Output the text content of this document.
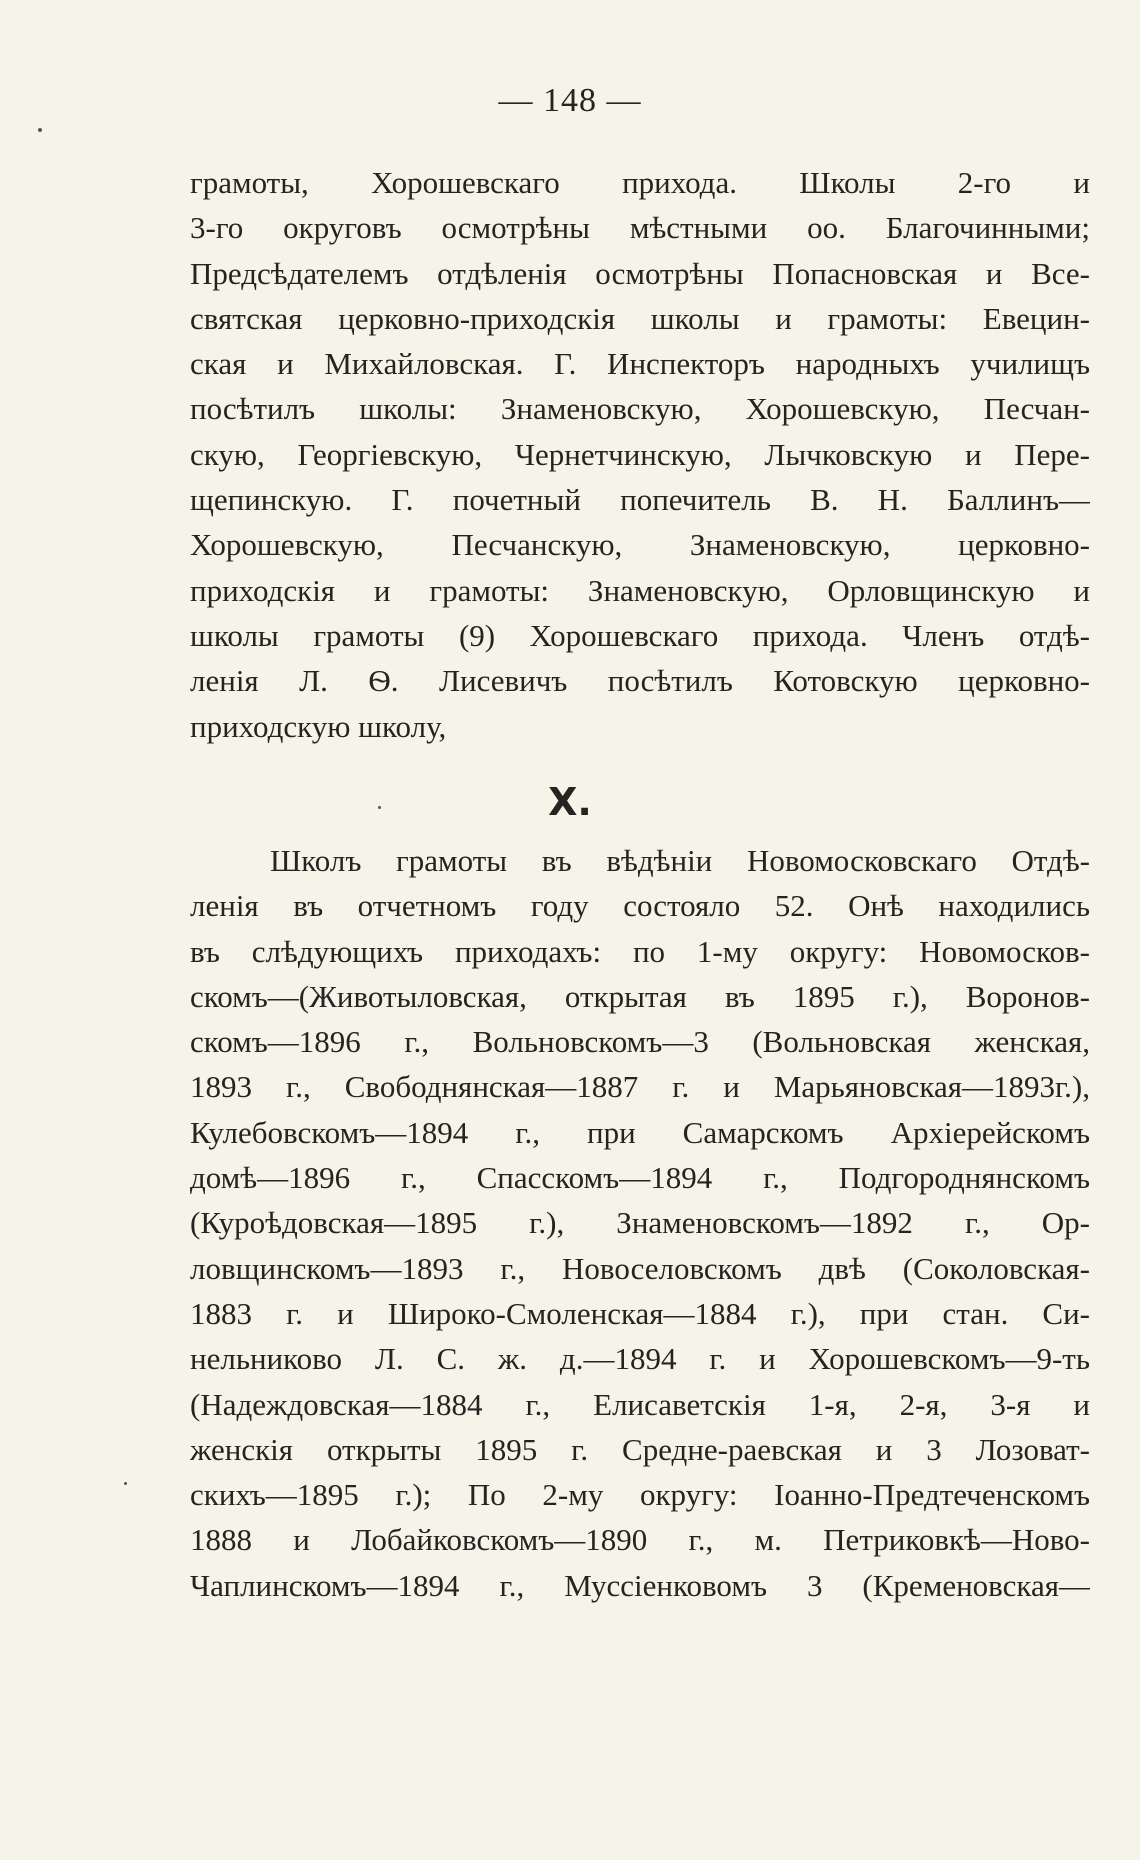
— 148 —
грамоты, Хорошевскаго прихода. Школы 2-го и
3-го округовъ осмотрѣны мѣстными оо. Благочинными;
Предсѣдателемъ отдѣленія осмотрѣны Попасновская и Все-
святская церковно-приходскія школы и грамоты: Евецин-
ская и Михайловская. Г. Инспекторъ народныхъ училищъ
посѣтилъ школы: Знаменовскую, Хорошевскую, Песчан-
скую, Георгіевскую, Чернетчинскую, Лычковскую и Пере-
щепинскую. Г. почетный попечитель В. Н. Баллинъ—
Хорошевскую, Песчанскую, Знаменовскую, церковно-
приходскія и грамоты: Знаменовскую, Орловщинскую и
школы грамоты (9) Хорошевскаго прихода. Членъ отдѣ-
ленія Л. Ѳ. Лисевичъ посѣтилъ Котовскую церковно-
приходскую школу,
X.
Школъ грамоты въ вѣдѣніи Новомосковскаго Отдѣ-
ленія въ отчетномъ году состояло 52. Онѣ находились
въ слѣдующихъ приходахъ: по 1-му округу: Новомосков-
скомъ—(Животыловская, открытая въ 1895 г.), Воронов-
скомъ—1896 г., Вольновскомъ—3 (Вольновская женская,
1893 г., Свободнянская—1887 г. и Марьяновская—1893г.),
Кулебовскомъ—1894 г., при Самарскомъ Архіерейскомъ
домѣ—1896 г., Спасскомъ—1894 г., Подгороднянскомъ
(Куроѣдовская—1895 г.), Знаменовскомъ—1892 г., Ор-
ловщинскомъ—1893 г., Новоселовскомъ двѣ (Соколовская-
1883 г. и Широко-Смоленская—1884 г.), при стан. Си-
нельниково Л. С. ж. д.—1894 г. и Хорошевскомъ—9-ть
(Надеждовская—1884 г., Елисаветскія 1-я, 2-я, 3-я и
женскія открыты 1895 г. Средне-раевская и 3 Лозоват-
скихъ—1895 г.); По 2-му округу: Іоанно-Предтеченскомъ
1888 и Лобайковскомъ—1890 г., м. Петриковкѣ—Ново-
Чаплинскомъ—1894 г., Муссіенковомъ 3 (Кременовская—
